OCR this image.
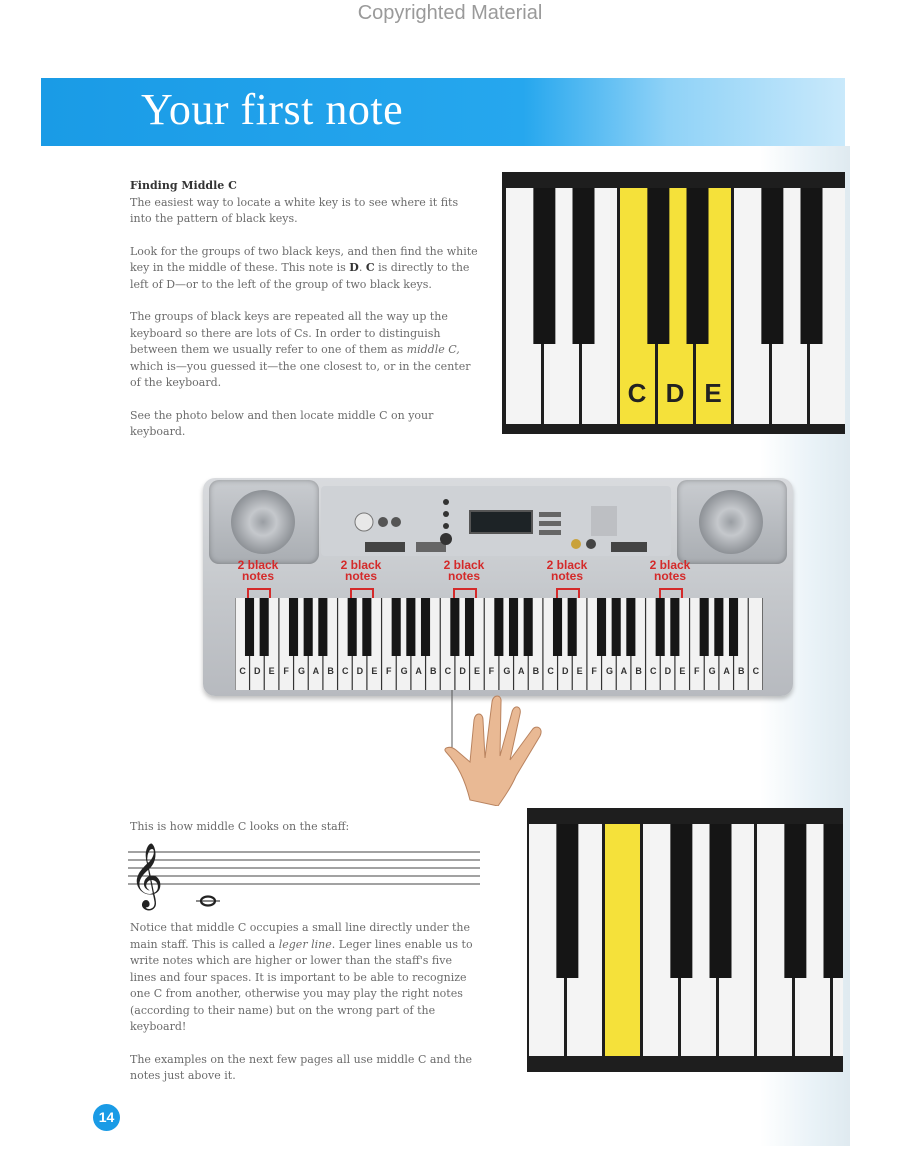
Copyrighted Material
Your first note

Finding Middle C

The easiest way to locate a white key is to see where it fits into the pattern of black keys.

Look for the groups of two black keys, and then find the white key in the middle of these. This note is D. C is directly to the left of D—or to the left of the group of two black keys.

The groups of black keys are repeated all the way up the keyboard so there are lots of Cs. In order to distinguish between them we usually refer to one of them as middle C, which is—you guessed it—the one closest to, or in the center of the keyboard.

See the photo below and then locate middle C on your keyboard.

C D E
2 black notes
2 black notes
2 black notes
2 black notes
2 black notes
C D E F G A B C D E F G A B C D E F G A B C D E F G A B C D E F G A B C
This is how middle C looks on the staff:
𝄞

Notice that middle C occupies a small line directly under the main staff. This is called a leger line. Leger lines enable us to write notes which are higher or lower than the staff's five lines and four spaces. It is important to be able to recognize one C from another, otherwise you may play the right notes (according to their name) but on the wrong part of the keyboard!

The examples on the next few pages all use middle C and the notes just above it.

14
